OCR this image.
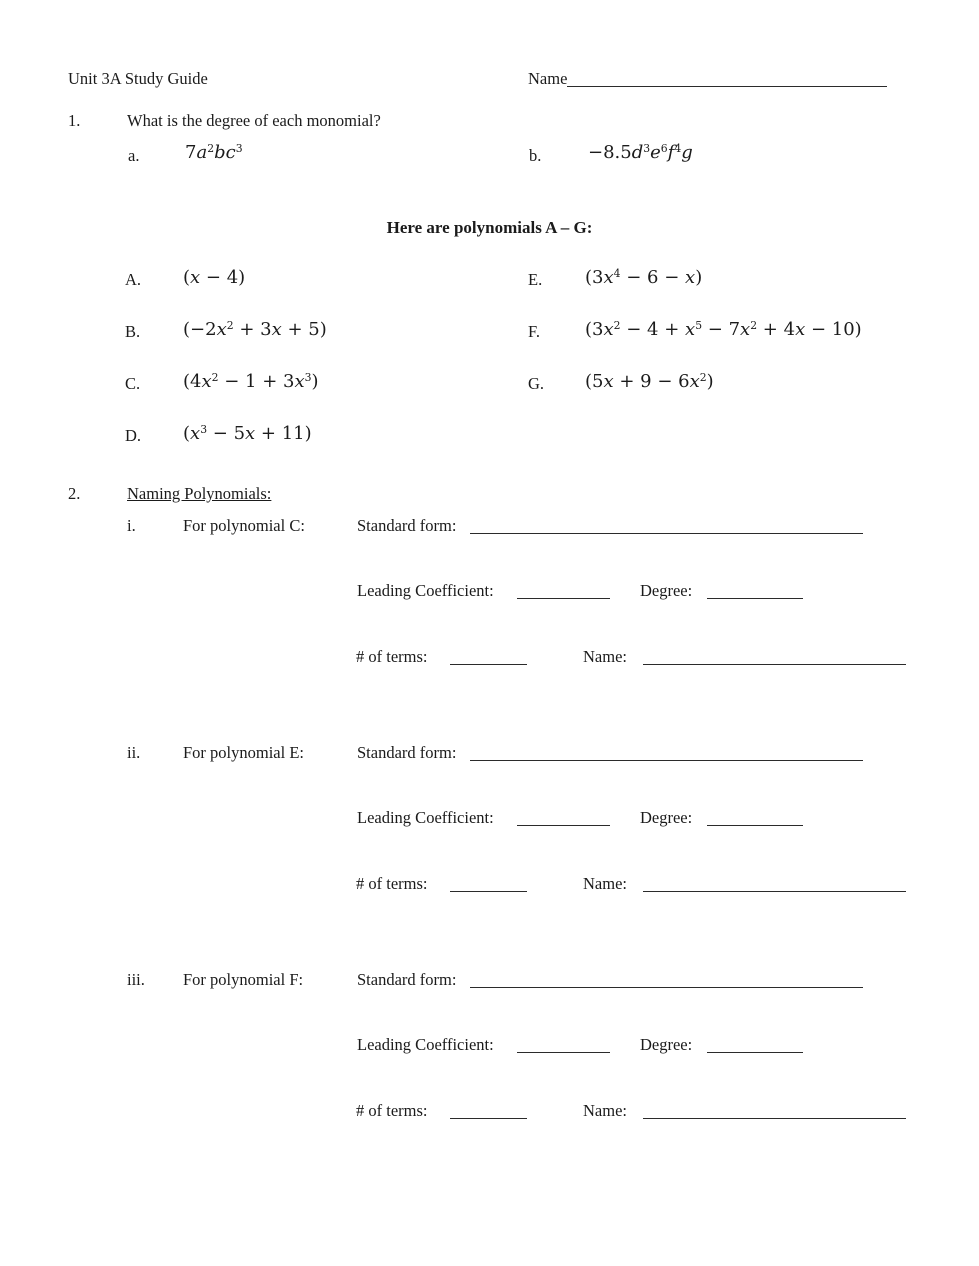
Unit 3A Study Guide	Name
1.	What is the degree of each monomial?
a.	$7a^2bc^3$	b.	$-8.5d^3e^6f^4g$
Here are polynomials A – G:
A. (x − 4)
B. $(-2x^2 + 3x + 5)$
C. $(4x^2 - 1 + 3x^3)$
D. $(x^3 - 5x + 11)$
E. $(3x^4 - 6 - x)$
F.	$(3x^2 - 4 + x^5 - 7x^2 + 4x - 10)$
G. $(5x + 9 - 6x^2)$
2.	Naming Polynomials:
i.	For polynomial C:	Standard form:
Leading Coefficient:	Degree:
# of terms:	Name:
ii.	For polynomial E:	Standard form:
Leading Coefficient:	Degree:
# of terms:	Name:
iii. For polynomial F:	Standard form:
Leading Coefficient:	Degree:
# of terms:	Name:
